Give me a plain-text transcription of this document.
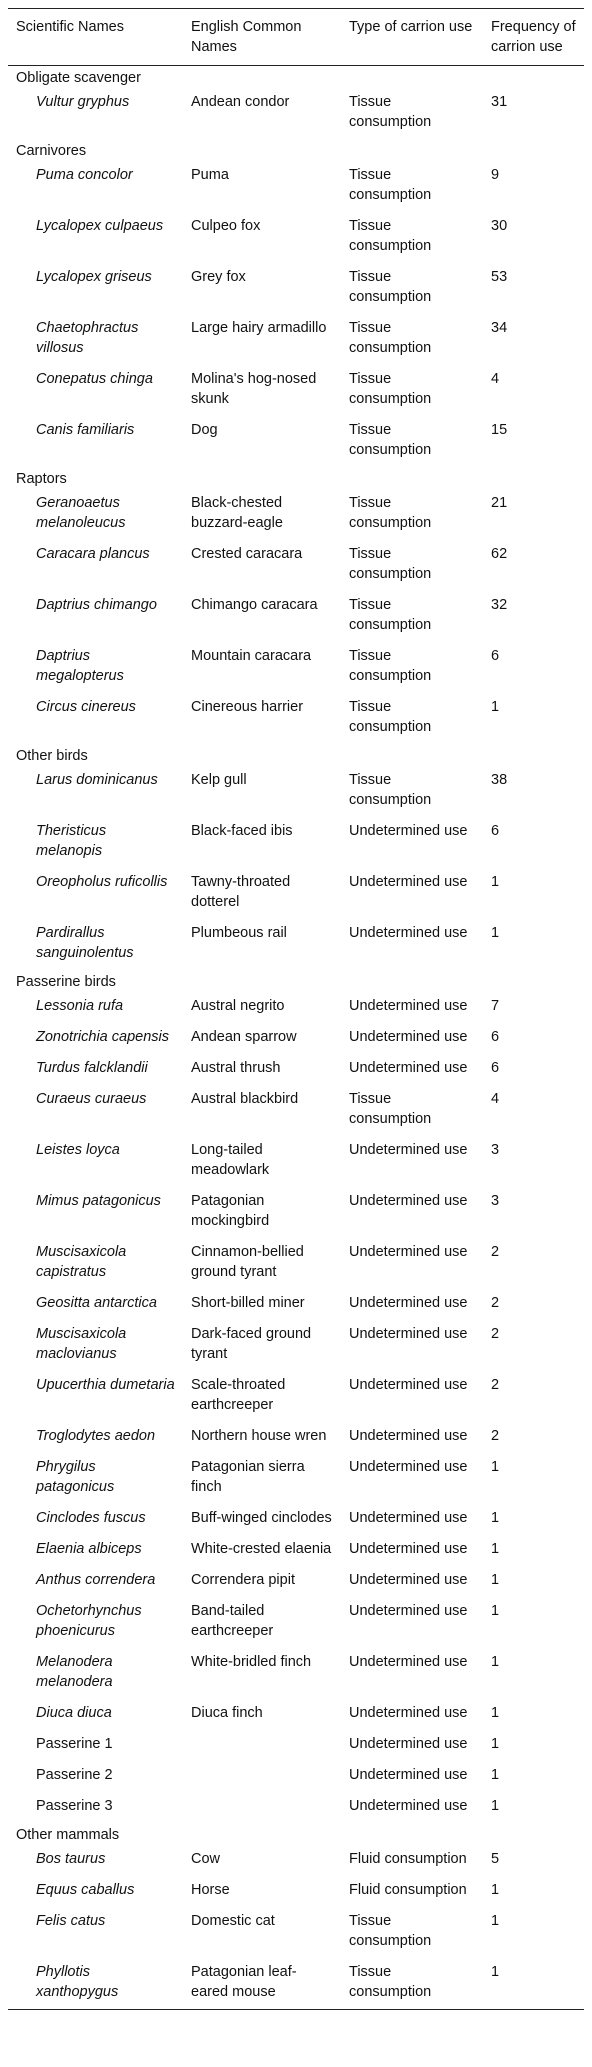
Scientific Names	English Common Names	Type of carrion use	Frequency of carrion use
Obligate scavenger			
Vultur gryphus	Andean condor	Tissue consumption	31
Carnivores			
Puma concolor	Puma	Tissue consumption	9
Lycalopex culpaeus	Culpeo fox	Tissue consumption	30
Lycalopex griseus	Grey fox	Tissue consumption	53
Chaetophractus villosus	Large hairy armadillo	Tissue consumption	34
Conepatus chinga	Molina's hog-nosed skunk	Tissue consumption	4
Canis familiaris	Dog	Tissue consumption	15
Raptors			
Geranoaetus melanoleucus	Black-chested buzzard-eagle	Tissue consumption	21
Caracara plancus	Crested caracara	Tissue consumption	62
Daptrius chimango	Chimango caracara	Tissue consumption	32
Daptrius megalopterus	Mountain caracara	Tissue consumption	6
Circus cinereus	Cinereous harrier	Tissue consumption	1
Other birds			
Larus dominicanus	Kelp gull	Tissue consumption	38
Theristicus melanopis	Black-faced ibis	Undetermined use	6
Oreopholus ruficollis	Tawny-throated dotterel	Undetermined use	1
Pardirallus sanguinolentus	Plumbeous rail	Undetermined use	1
Passerine birds			
Lessonia rufa	Austral negrito	Undetermined use	7
Zonotrichia capensis	Andean sparrow	Undetermined use	6
Turdus falcklandii	Austral thrush	Undetermined use	6
Curaeus curaeus	Austral blackbird	Tissue consumption	4
Leistes loyca	Long-tailed meadowlark	Undetermined use	3
Mimus patagonicus	Patagonian mockingbird	Undetermined use	3
Muscisaxicola capistratus	Cinnamon-bellied ground tyrant	Undetermined use	2
Geositta antarctica	Short-billed miner	Undetermined use	2
Muscisaxicola maclovianus	Dark-faced ground tyrant	Undetermined use	2
Upucerthia dumetaria	Scale-throated earthcreeper	Undetermined use	2
Troglodytes aedon	Northern house wren	Undetermined use	2
Phrygilus patagonicus	Patagonian sierra finch	Undetermined use	1
Cinclodes fuscus	Buff-winged cinclodes	Undetermined use	1
Elaenia albiceps	White-crested elaenia	Undetermined use	1
Anthus correndera	Correndera pipit	Undetermined use	1
Ochetorhynchus phoenicurus	Band-tailed earthcreeper	Undetermined use	1
Melanodera melanodera	White-bridled finch	Undetermined use	1
Diuca diuca	Diuca finch	Undetermined use	1
Passerine 1		Undetermined use	1
Passerine 2		Undetermined use	1
Passerine 3		Undetermined use	1
Other mammals			
Bos taurus	Cow	Fluid consumption	5
Equus caballus	Horse	Fluid consumption	1
Felis catus	Domestic cat	Tissue consumption	1
Phyllotis xanthopygus	Patagonian leaf-eared mouse	Tissue consumption	1
